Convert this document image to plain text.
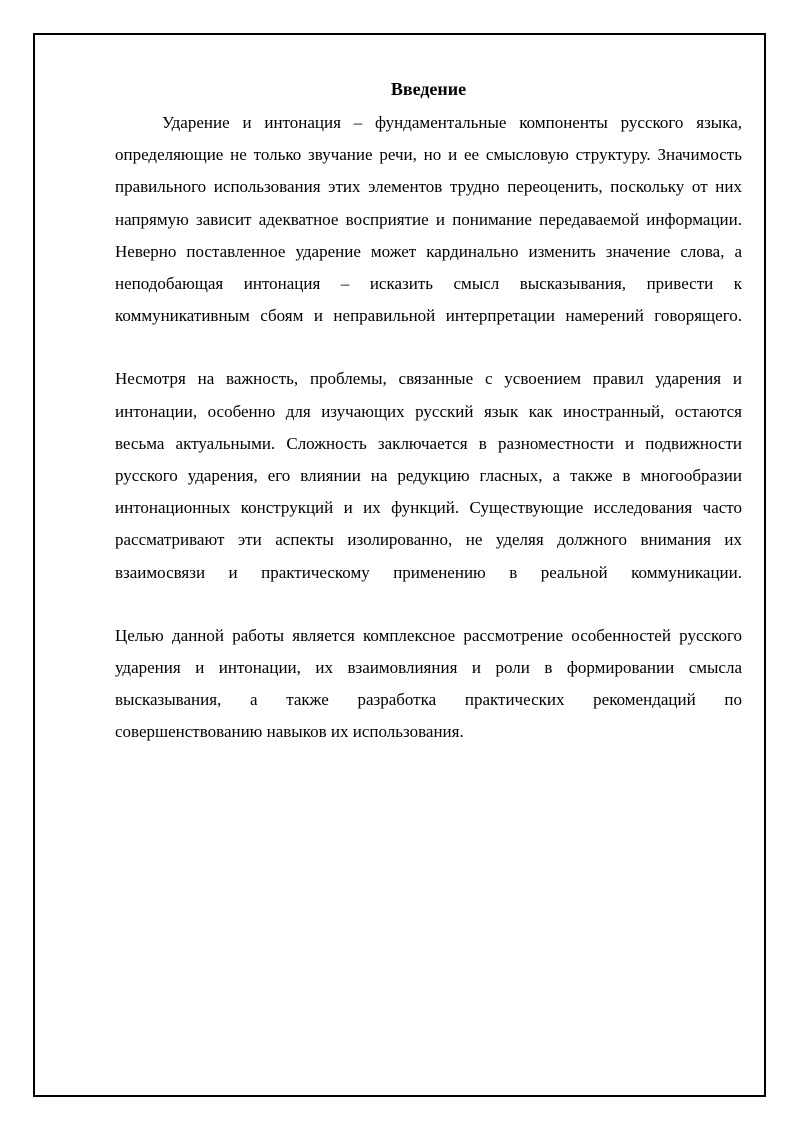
Введение

Ударение и интонация – фундаментальные компоненты русского языка, определяющие не только звучание речи, но и ее смысловую структуру. Значимость правильного использования этих элементов трудно переоценить, поскольку от них напрямую зависит адекватное восприятие и понимание передаваемой информации. Неверно поставленное ударение может кардинально изменить значение слова, а неподобающая интонация – исказить смысл высказывания, привести к коммуникативным сбоям и неправильной интерпретации намерений говорящего.

Несмотря на важность, проблемы, связанные с усвоением правил ударения и интонации, особенно для изучающих русский язык как иностранный, остаются весьма актуальными. Сложность заключается в разноместности и подвижности русского ударения, его влиянии на редукцию гласных, а также в многообразии интонационных конструкций и их функций. Существующие исследования часто рассматривают эти аспекты изолированно, не уделяя должного внимания их взаимосвязи и практическому применению в реальной коммуникации.

Целью данной работы является комплексное рассмотрение особенностей русского ударения и интонации, их взаимовлияния и роли в формировании смысла высказывания, а также разработка практических рекомендаций по совершенствованию навыков их использования.
